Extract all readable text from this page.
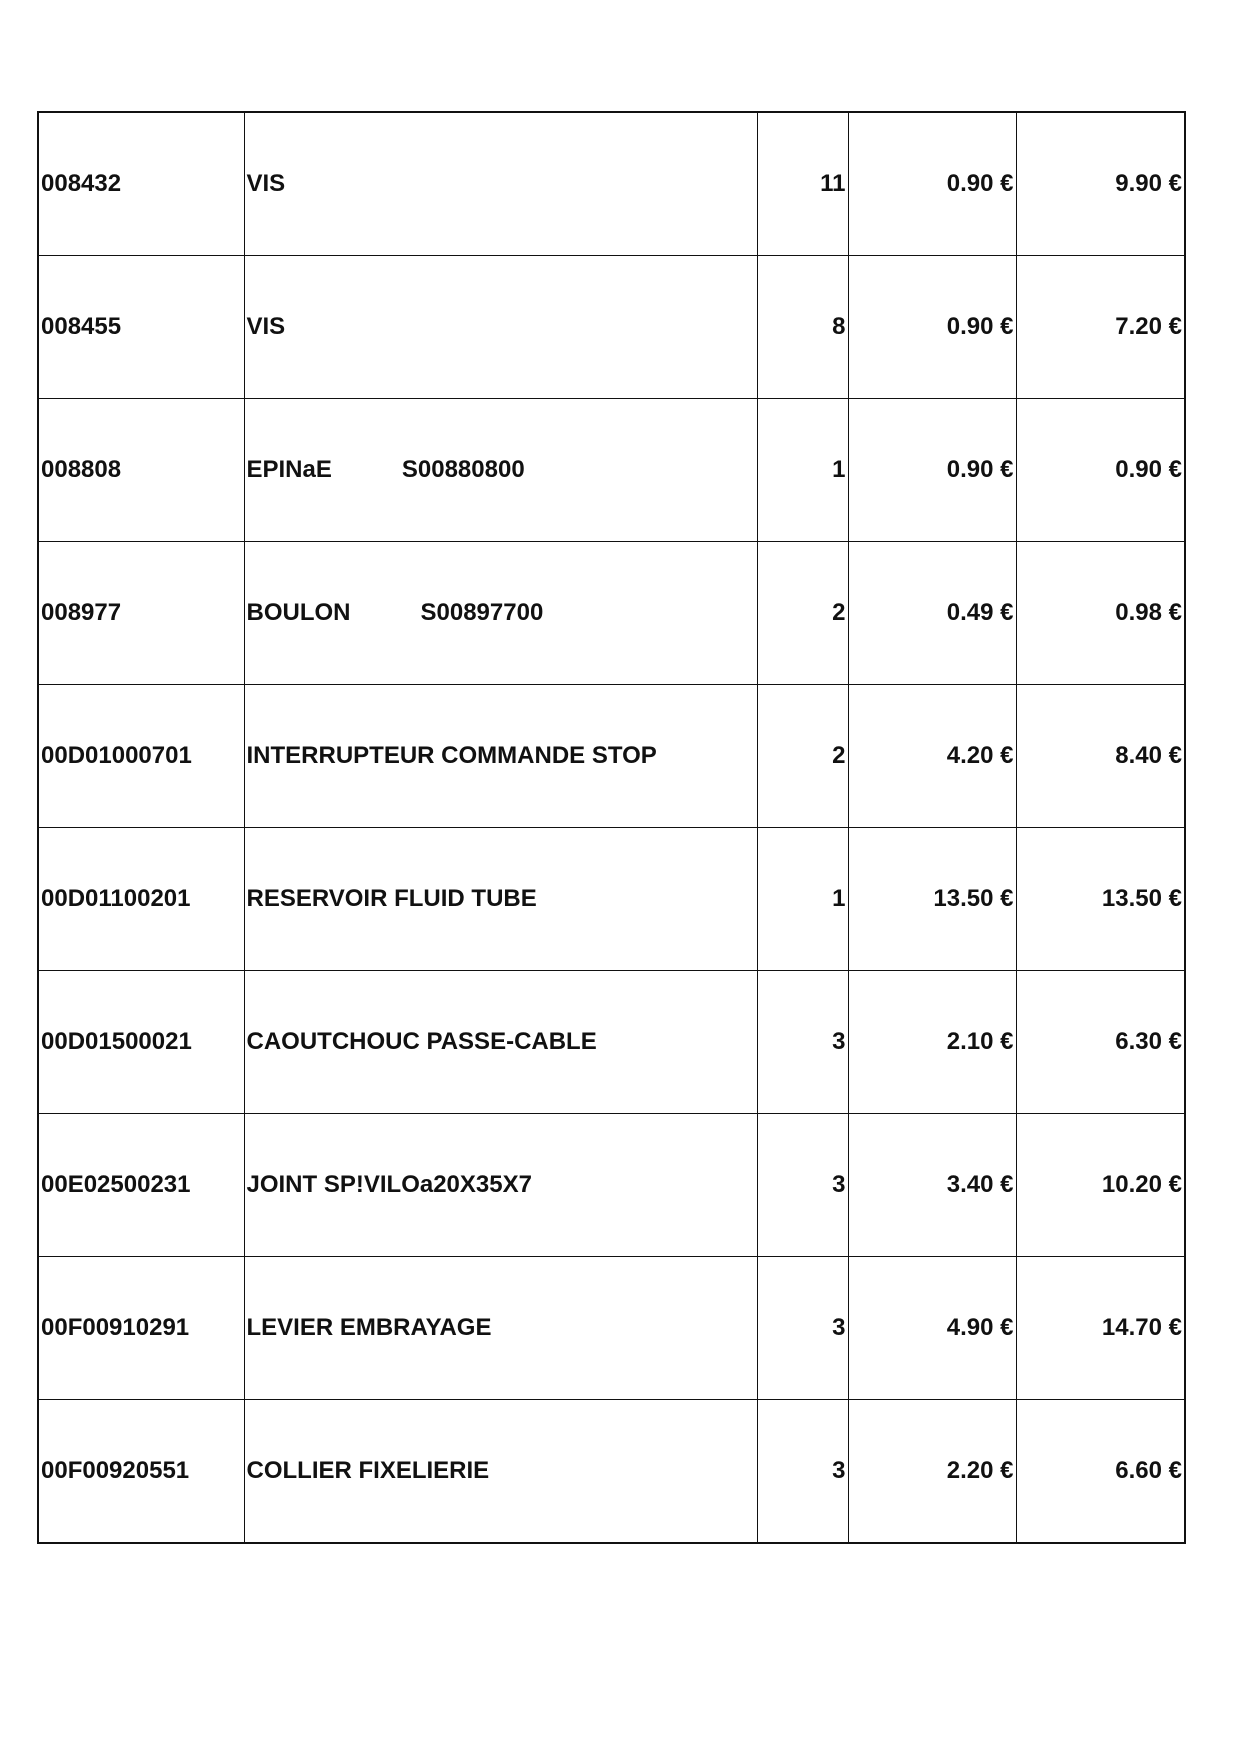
008432	VIS	11	0.90 €	9.90 €
008455	VIS	8	0.90 €	7.20 €
008808	EPINaE S00880800	1	0.90 €	0.90 €
008977	BOULON S00897700	2	0.49 €	0.98 €
00D01000701	INTERRUPTEUR COMMANDE STOP	2	4.20 €	8.40 €
00D01100201	RESERVOIR FLUID TUBE	1	13.50 €	13.50 €
00D01500021	CAOUTCHOUC PASSE-CABLE	3	2.10 €	6.30 €
00E02500231	JOINT SP!VILOa20X35X7	3	3.40 €	10.20 €
00F00910291	LEVIER EMBRAYAGE	3	4.90 €	14.70 €
00F00920551	COLLIER FIXELIERIE	3	2.20 €	6.60 €
